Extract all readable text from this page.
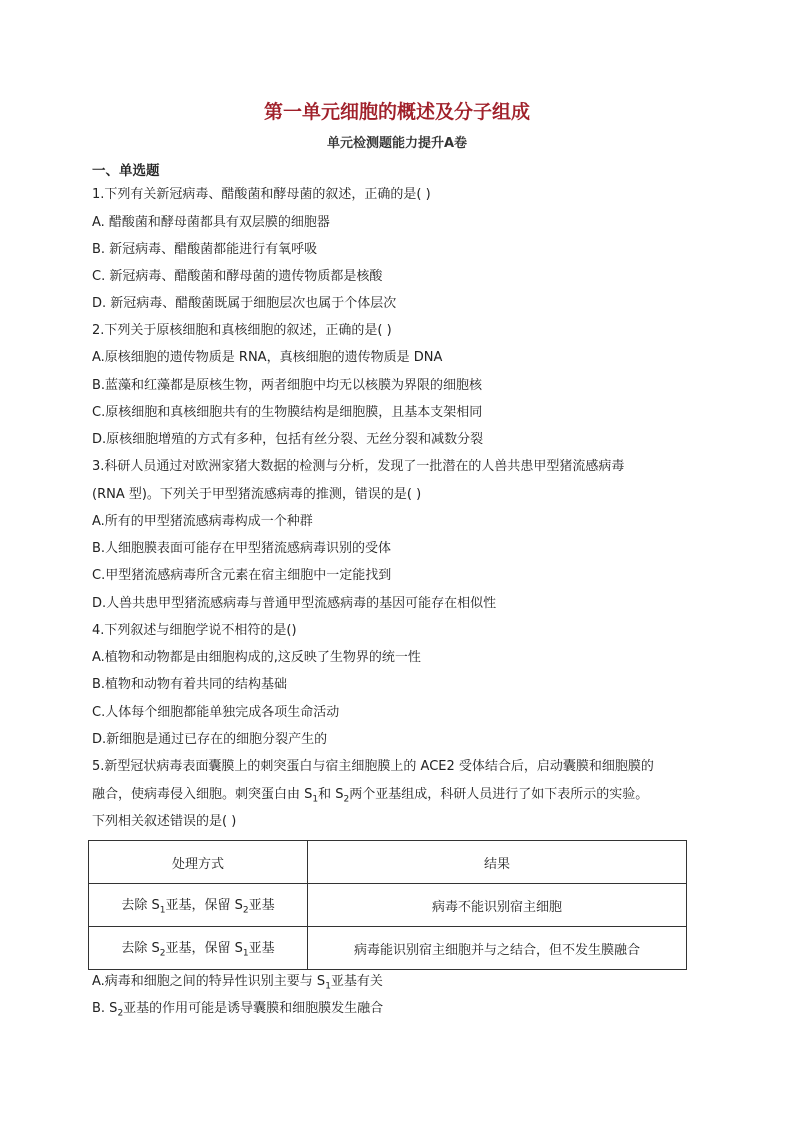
第一单元细胞的概述及分子组成
单元检测题能力提升A卷
一、单选题
1.下列有关新冠病毒、醋酸菌和酵母菌的叙述，正确的是( )
A. 醋酸菌和酵母菌都具有双层膜的细胞器
B. 新冠病毒、醋酸菌都能进行有氧呼吸
C. 新冠病毒、醋酸菌和酵母菌的遗传物质都是核酸
D. 新冠病毒、醋酸菌既属于细胞层次也属于个体层次
2.下列关于原核细胞和真核细胞的叙述，正确的是( )
A.原核细胞的遗传物质是 RNA，真核细胞的遗传物质是 DNA
B.蓝藻和红藻都是原核生物，两者细胞中均无以核膜为界限的细胞核
C.原核细胞和真核细胞共有的生物膜结构是细胞膜，且基本支架相同
D.原核细胞增殖的方式有多种，包括有丝分裂、无丝分裂和减数分裂
3.科研人员通过对欧洲家猪大数据的检测与分析，发现了一批潜在的人兽共患甲型猪流感病毒
(RNA 型)。下列关于甲型猪流感病毒的推测，错误的是( )
A.所有的甲型猪流感病毒构成一个种群
B.人细胞膜表面可能存在甲型猪流感病毒识别的受体
C.甲型猪流感病毒所含元素在宿主细胞中一定能找到
D.人兽共患甲型猪流感病毒与普通甲型流感病毒的基因可能存在相似性
4.下列叙述与细胞学说不相符的是()
A.植物和动物都是由细胞构成的,这反映了生物界的统一性
B.植物和动物有着共同的结构基础
C.人体每个细胞都能单独完成各项生命活动
D.新细胞是通过已存在的细胞分裂产生的
5.新型冠状病毒表面囊膜上的刺突蛋白与宿主细胞膜上的 ACE2 受体结合后，启动囊膜和细胞膜的
融合，使病毒侵入细胞。刺突蛋白由 $S_1$和 $S_2$两个亚基组成，科研人员进行了如下表所示的实验。
下列相关叙述错误的是( )
处理方式	结果
去除 $S_1$亚基，保留 $S_2$亚基	病毒不能识别宿主细胞
去除 $S_2$亚基，保留 $S_1$亚基	病毒能识别宿主细胞并与之结合，但不发生膜融合
A.病毒和细胞之间的特异性识别主要与 $S_1$亚基有关
B. $S_2$亚基的作用可能是诱导囊膜和细胞膜发生融合
